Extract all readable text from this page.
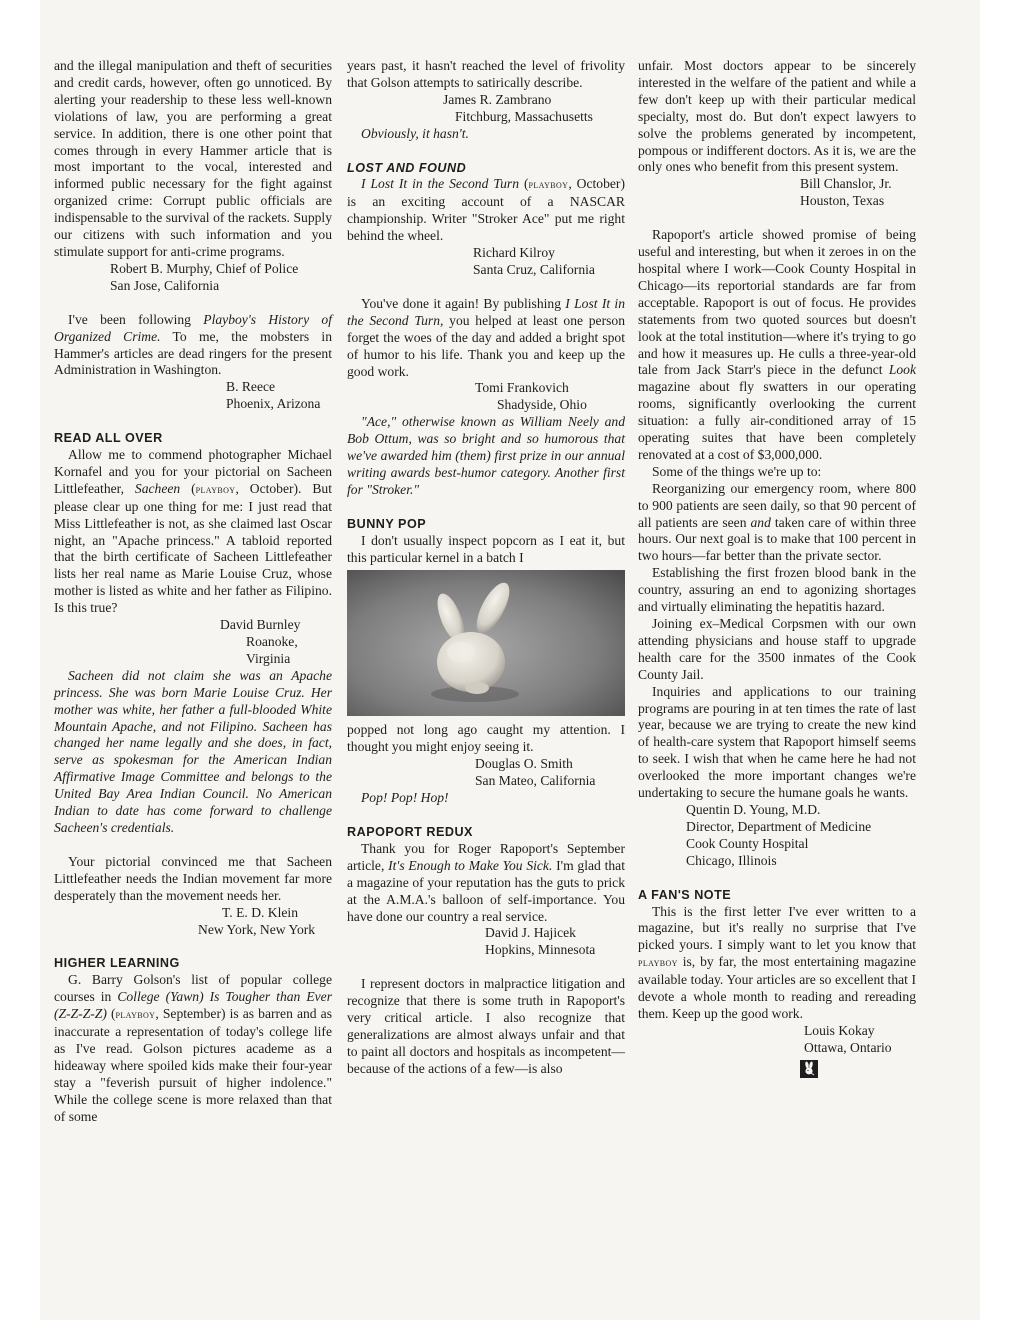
and the illegal manipulation and theft of securities and credit cards, however, often go unnoticed. By alerting your readership to these less well-known violations of law, you are performing a great service. In addition, there is one other point that comes through in every Hammer article that is most important to the vocal, interested and informed public necessary for the fight against organized crime: Corrupt public officials are indispensable to the survival of the rackets. Supply our citizens with such information and you stimulate support for anti-crime programs.

Robert B. Murphy, Chief of Police

San Jose, California

I've been following Playboy's History of Organized Crime. To me, the mobsters in Hammer's articles are dead ringers for the present Administration in Washington.

B. Reece

Phoenix, Arizona

READ ALL OVER

Allow me to commend photographer Michael Kornafel and you for your pictorial on Sacheen Littlefeather, Sacheen (playboy, October). But please clear up one thing for me: I just read that Miss Littlefeather is not, as she claimed last Oscar night, an "Apache princess." A tabloid reported that the birth certificate of Sacheen Littlefeather lists her real name as Marie Louise Cruz, whose mother is listed as white and her father as Filipino. Is this true?

David Burnley

Roanoke, Virginia

Sacheen did not claim she was an Apache princess. She was born Marie Louise Cruz. Her mother was white, her father a full-blooded White Mountain Apache, and not Filipino. Sacheen has changed her name legally and she does, in fact, serve as spokesman for the American Indian Affirmative Image Committee and belongs to the United Bay Area Indian Council. No American Indian to date has come forward to challenge Sacheen's credentials.

Your pictorial convinced me that Sacheen Littlefeather needs the Indian movement far more desperately than the movement needs her.

T. E. D. Klein

New York, New York

HIGHER LEARNING

G. Barry Golson's list of popular college courses in College (Yawn) Is Tougher than Ever (Z-Z-Z-Z) (playboy, September) is as barren and as inaccurate a representation of today's college life as I've read. Golson pictures academe as a hideaway where spoiled kids make their four-year stay a "feverish pursuit of higher indolence." While the college scene is more relaxed than that of some

years past, it hasn't reached the level of frivolity that Golson attempts to satirically describe.

James R. Zambrano

Fitchburg, Massachusetts

Obviously, it hasn't.

LOST AND FOUND

I Lost It in the Second Turn (playboy, October) is an exciting account of a NASCAR championship. Writer "Stroker Ace" put me right behind the wheel.

Richard Kilroy

Santa Cruz, California

You've done it again! By publishing I Lost It in the Second Turn, you helped at least one person forget the woes of the day and added a bright spot of humor to his life. Thank you and keep up the good work.

Tomi Frankovich

Shadyside, Ohio

"Ace," otherwise known as William Neely and Bob Ottum, was so bright and so humorous that we've awarded him (them) first prize in our annual writing awards best-humor category. Another first for "Stroker."

BUNNY POP

I don't usually inspect popcorn as I eat it, but this particular kernel in a batch I

popped not long ago caught my attention. I thought you might enjoy seeing it.

Douglas O. Smith

San Mateo, California

Pop! Pop! Hop!

RAPOPORT REDUX

Thank you for Roger Rapoport's September article, It's Enough to Make You Sick. I'm glad that a magazine of your reputation has the guts to prick at the A.M.A.'s balloon of self-importance. You have done our country a real service.

David J. Hajicek

Hopkins, Minnesota

I represent doctors in malpractice litigation and recognize that there is some truth in Rapoport's very critical article. I also recognize that generalizations are almost always unfair and that to paint all doctors and hospitals as incompetent—because of the actions of a few—is also

unfair. Most doctors appear to be sincerely interested in the welfare of the patient and while a few don't keep up with their particular medical specialty, most do. But don't expect lawyers to solve the problems generated by incompetent, pompous or indifferent doctors. As it is, we are the only ones who benefit from this present system.

Bill Chanslor, Jr.

Houston, Texas

Rapoport's article showed promise of being useful and interesting, but when it zeroes in on the hospital where I work—Cook County Hospital in Chicago—its reportorial standards are far from acceptable. Rapoport is out of focus. He provides statements from two quoted sources but doesn't look at the total institution—where it's trying to go and how it measures up. He culls a three-year-old tale from Jack Starr's piece in the defunct Look magazine about fly swatters in our operating rooms, significantly overlooking the current situation: a fully air-conditioned array of 15 operating suites that have been completely renovated at a cost of $3,000,000.

Some of the things we're up to:

Reorganizing our emergency room, where 800 to 900 patients are seen daily, so that 90 percent of all patients are seen and taken care of within three hours. Our next goal is to make that 100 percent in two hours—far better than the private sector.

Establishing the first frozen blood bank in the country, assuring an end to agonizing shortages and virtually eliminating the hepatitis hazard.

Joining ex–Medical Corpsmen with our own attending physicians and house staff to upgrade health care for the 3500 inmates of the Cook County Jail.

Inquiries and applications to our training programs are pouring in at ten times the rate of last year, because we are trying to create the new kind of health-care system that Rapoport himself seems to seek. I wish that when he came here he had not overlooked the more important changes we're undertaking to secure the humane goals he wants.

Quentin D. Young, M.D.

Director, Department of Medicine

Cook County Hospital

Chicago, Illinois

A FAN'S NOTE

This is the first letter I've ever written to a magazine, but it's really no surprise that I've picked yours. I simply want to let you know that playboy is, by far, the most entertaining magazine available today. Your articles are so excellent that I devote a whole month to reading and rereading them. Keep up the good work.

Louis Kokay

Ottawa, Ontario
